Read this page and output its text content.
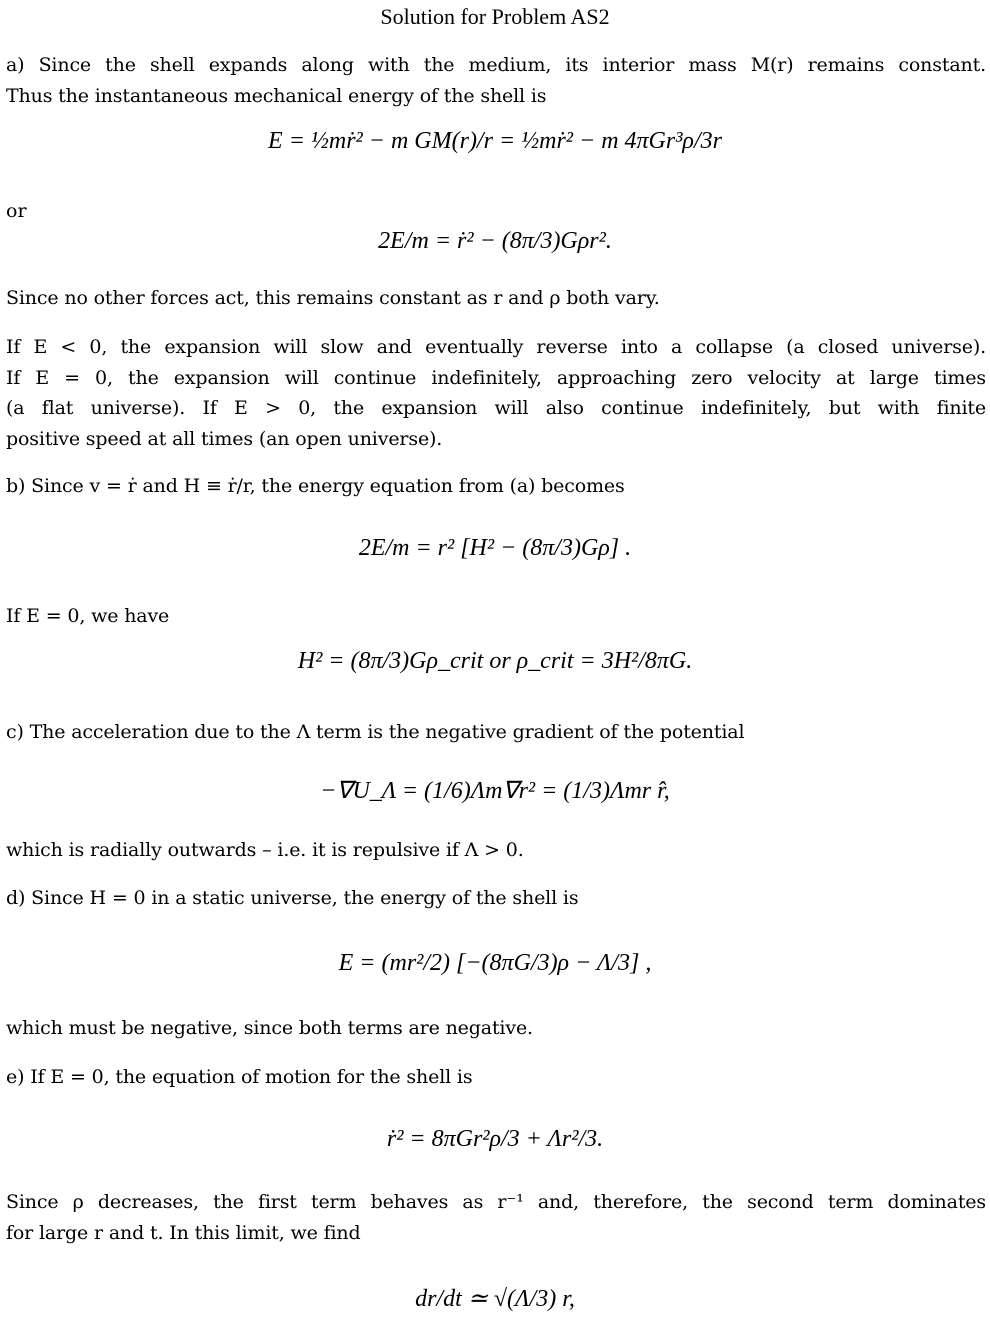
Solution for Problem AS2
a) Since the shell expands along with the medium, its interior mass M(r) remains constant.
Thus the instantaneous mechanical energy of the shell is
E = ½mṙ² − m GM(r)/r = ½mṙ² − m 4πGr³ρ/3r
or
2E/m = ṙ² − (8π/3)Gρr².
Since no other forces act, this remains constant as r and ρ both vary.
If E < 0, the expansion will slow and eventually reverse into a collapse (a closed universe).
If E = 0, the expansion will continue indefinitely, approaching zero velocity at large times
(a flat universe). If E > 0, the expansion will also continue indefinitely, but with finite
positive speed at all times (an open universe).
b) Since v = ṙ and H ≡ ṙ/r, the energy equation from (a) becomes
2E/m = r² [H² − (8π/3)Gρ] .
If E = 0, we have
H² = (8π/3)Gρ_crit or ρ_crit = 3H²/8πG.
c) The acceleration due to the Λ term is the negative gradient of the potential
−∇U_Λ = (1/6)Λm∇r² = (1/3)Λmr r̂,
which is radially outwards – i.e. it is repulsive if Λ > 0.
d) Since H = 0 in a static universe, the energy of the shell is
E = (mr²/2) [−(8πG/3)ρ − Λ/3] ,
which must be negative, since both terms are negative.
e) If E = 0, the equation of motion for the shell is
ṙ² = 8πGr²ρ/3 + Λr²/3.
Since ρ decreases, the first term behaves as r⁻¹ and, therefore, the second term dominates
for large r and t. In this limit, we find
dr/dt ≃ √(Λ/3) r,
